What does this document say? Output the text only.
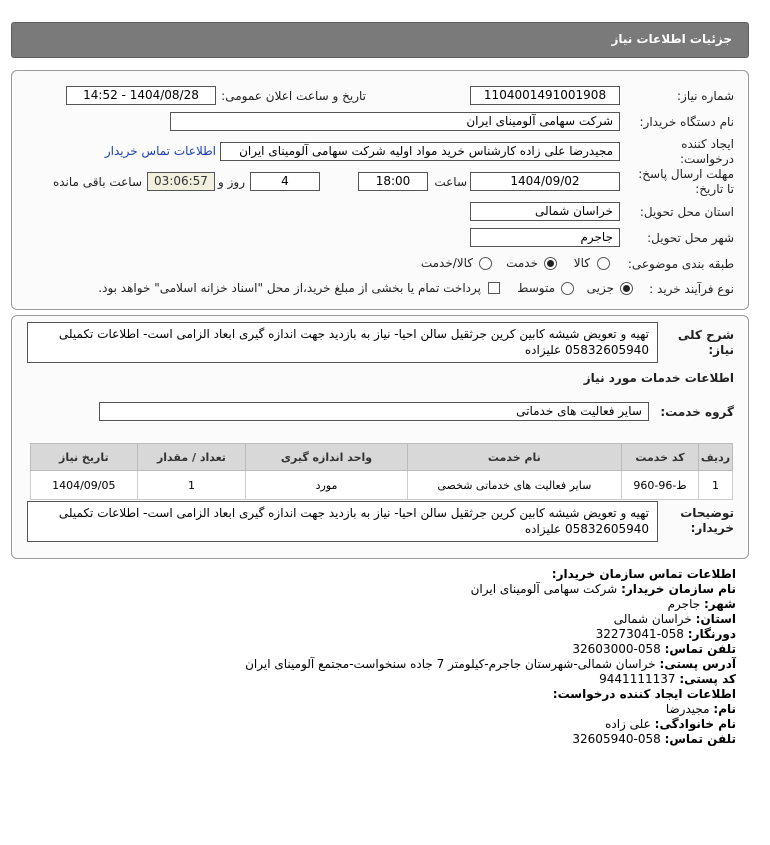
جزئیات اطلاعات نیاز
شماره نیاز:
1104001491001908
تاریخ و ساعت اعلان عمومی:
1404/08/28 - 14:52
نام دستگاه خریدار:
شرکت سهامی آلومینای ایران
ایجاد کننده
درخواست:
مجیدرضا علی زاده کارشناس خرید مواد اولیه شرکت سهامی آلومینای ایران
اطلاعات تماس خریدار
مهلت ارسال پاسخ:
تا تاریخ:
1404/09/02
ساعت
18:00
4
روز و
03:06:57
ساعت باقی مانده
استان محل تحویل:
خراسان شمالی
شهر محل تحویل:
جاجرم
طبقه بندی موضوعی:
کالا
خدمت
کالا/خدمت
نوع فرآیند خرید :
جزیی
متوسط
پرداخت تمام یا بخشی از مبلغ خرید،از محل "اسناد خزانه اسلامی" خواهد بود.
شرح کلی
نیاز:
تهیه و تعویض شیشه کابین کرین جرثقیل سالن احیا- نیاز به بازدید جهت اندازه گیری ابعاد الزامی است- اطلاعات تکمیلی 05832605940 علیزاده
اطلاعات خدمات مورد نیاز
گروه خدمت:
سایر فعالیت های خدماتی
ردیف	کد خدمت	نام خدمت	واحد اندازه گیری	تعداد / مقدار	تاریخ نیاز
1	ط-96-960	سایر فعالیت های خدماتی شخصی	مورد	1	1404/09/05
توضیحات
خریدار:
تهیه و تعویض شیشه کابین کرین جرثقیل سالن احیا- نیاز به بازدید جهت اندازه گیری ابعاد الزامی است- اطلاعات تکمیلی 05832605940 علیزاده
اطلاعات تماس سازمان خریدار:
نام سازمان خریدار: شرکت سهامی آلومینای ایران
شهر: جاجرم
استان: خراسان شمالی
دورنگار: 058-32273041
تلفن تماس: 058-32603000
آدرس پستی: خراسان شمالی-شهرستان جاجرم-کیلومتر 7 جاده سنخواست-مجتمع آلومینای ایران
کد پستی: 9441111137
اطلاعات ایجاد کننده درخواست:
نام: مجیدرضا
نام خانوادگی: علی زاده
تلفن تماس: 058-32605940
